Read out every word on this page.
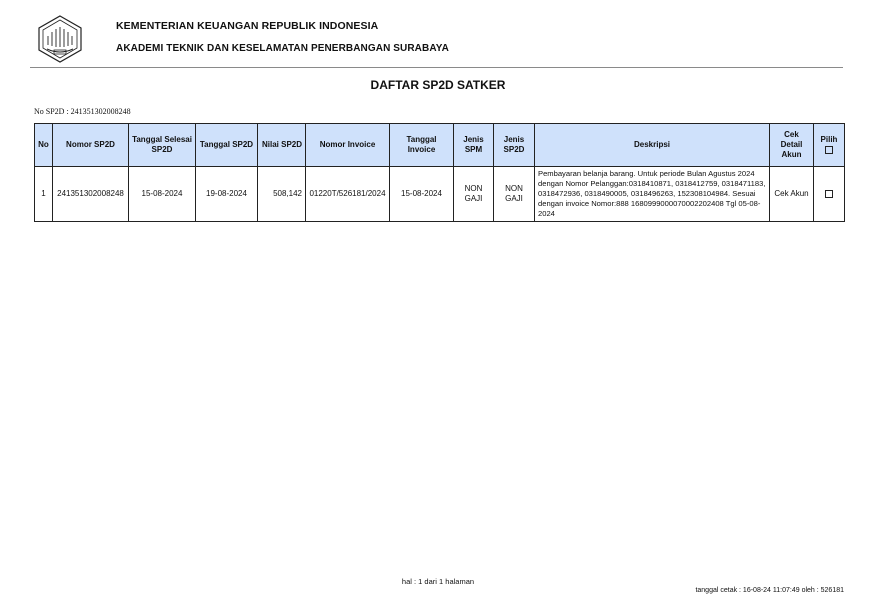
KEMENTERIAN KEUANGAN REPUBLIK INDONESIA
AKADEMI TEKNIK DAN KESELAMATAN PENERBANGAN SURABAYA
DAFTAR SP2D SATKER
No SP2D : 241351302008248
No	Nomor SP2D	Tanggal Selesai SP2D	Tanggal SP2D	Nilai SP2D	Nomor Invoice	Tanggal Invoice	Jenis SPM	Jenis SP2D	Deskripsi	Cek Detail Akun	Pilih

1	241351302008248	15-08-2024	19-08-2024	508,142	01220T/526181/2024	15-08-2024	NON GAJI	NON GAJI	Pembayaran belanja barang. Untuk periode Bulan Agustus 2024 dengan Nomor Pelanggan:0318410871, 0318412759, 0318471183, 0318472936, 0318490005, 0318496263, 152308104984. Sesuai dengan invoice Nomor:888 1680999000070002202408 Tgl 05-08-2024	Cek Akun	
hal : 1 dari 1 halaman
tanggal cetak : 16-08-24 11:07:49 oleh : 526181
